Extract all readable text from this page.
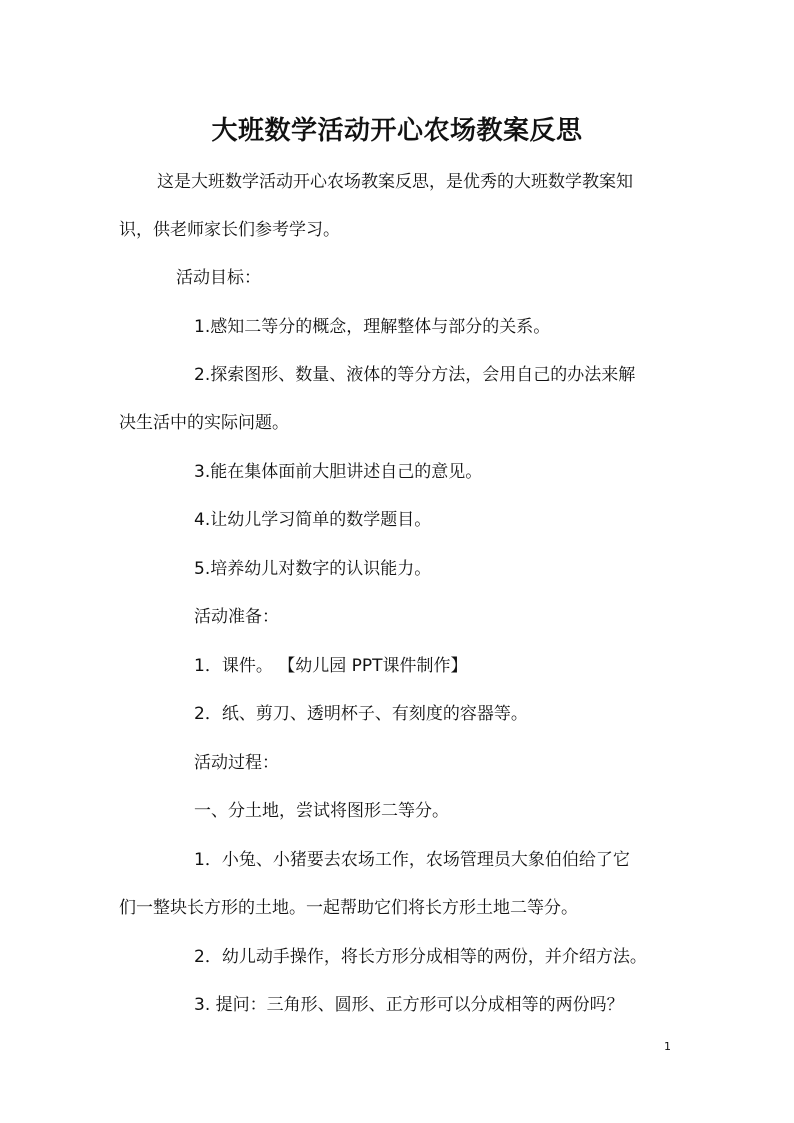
大班数学活动开心农场教案反思
这是大班数学活动开心农场教案反思，是优秀的大班数学教案知
识，供老师家长们参考学习。
活动目标：
1.感知二等分的概念，理解整体与部分的关系。
2.探索图形、数量、液体的等分方法，会用自己的办法来解
决生活中的实际问题。
3.能在集体面前大胆讲述自己的意见。
4.让幼儿学习简单的数学题目。
5.培养幼儿对数字的认识能力。
活动准备：
1．课件。 【幼儿园 PPT课件制作】
2．纸、剪刀、透明杯子、有刻度的容器等。
活动过程：
一、分土地，尝试将图形二等分。
1．小兔、小猪要去农场工作，农场管理员大象伯伯给了它
们一整块长方形的土地。一起帮助它们将长方形土地二等分。
2．幼儿动手操作，将长方形分成相等的两份，并介绍方法。
3. 提问：三角形、圆形、正方形可以分成相等的两份吗？
1
